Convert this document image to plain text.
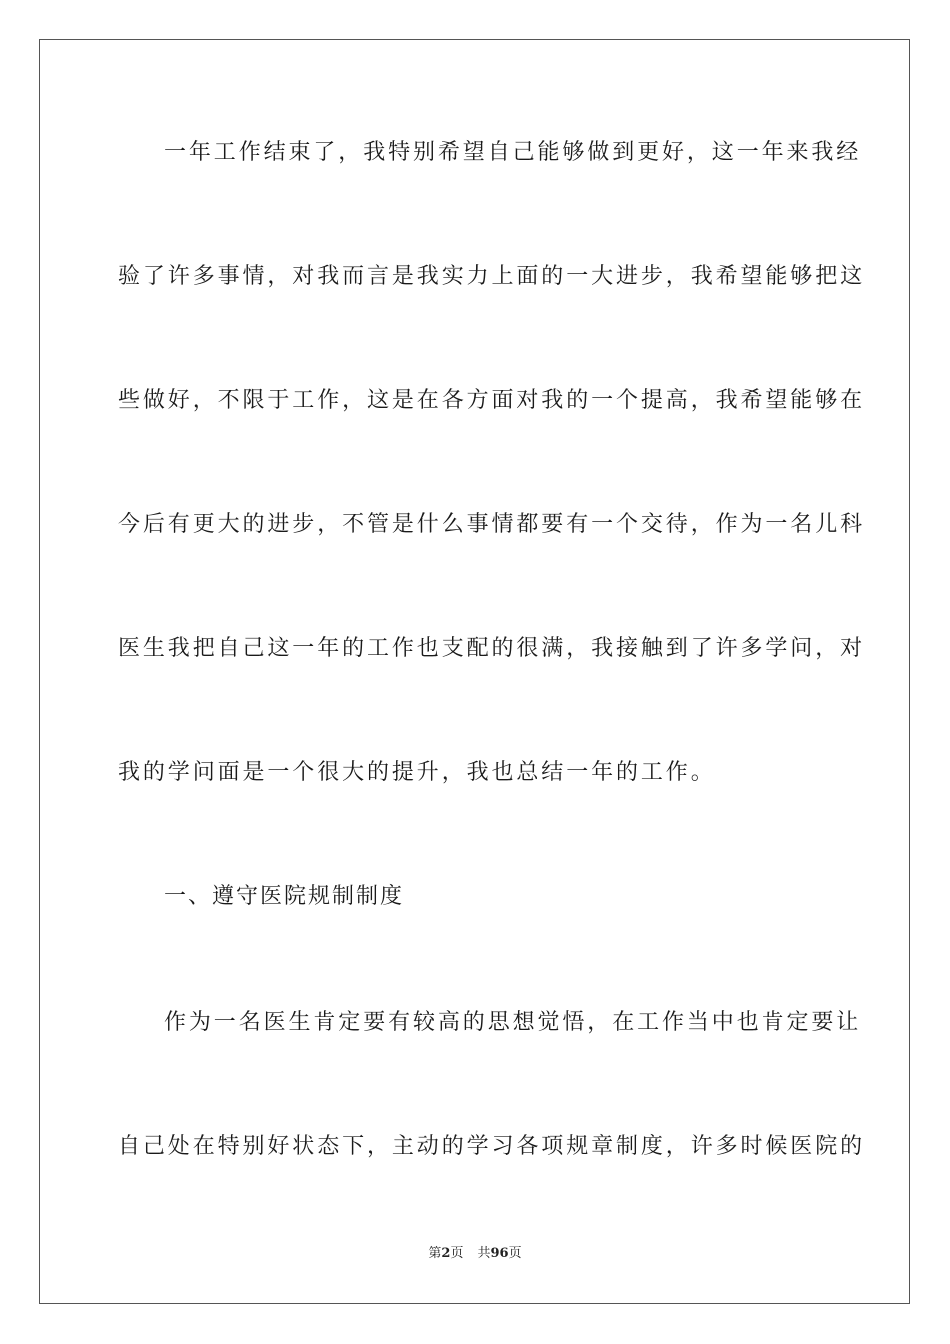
一年工作结束了，我特别希望自己能够做到更好，这一年来我经

验了许多事情，对我而言是我实力上面的一大进步，我希望能够把这

些做好，不限于工作，这是在各方面对我的一个提高，我希望能够在

今后有更大的进步，不管是什么事情都要有一个交待，作为一名儿科

医生我把自己这一年的工作也支配的很满，我接触到了许多学问，对

我的学问面是一个很大的提升，我也总结一年的工作。

一、遵守医院规制制度

作为一名医生肯定要有较高的思想觉悟，在工作当中也肯定要让

自己处在特别好状态下，主动的学习各项规章制度，许多时候医院的

第2页 共96页
